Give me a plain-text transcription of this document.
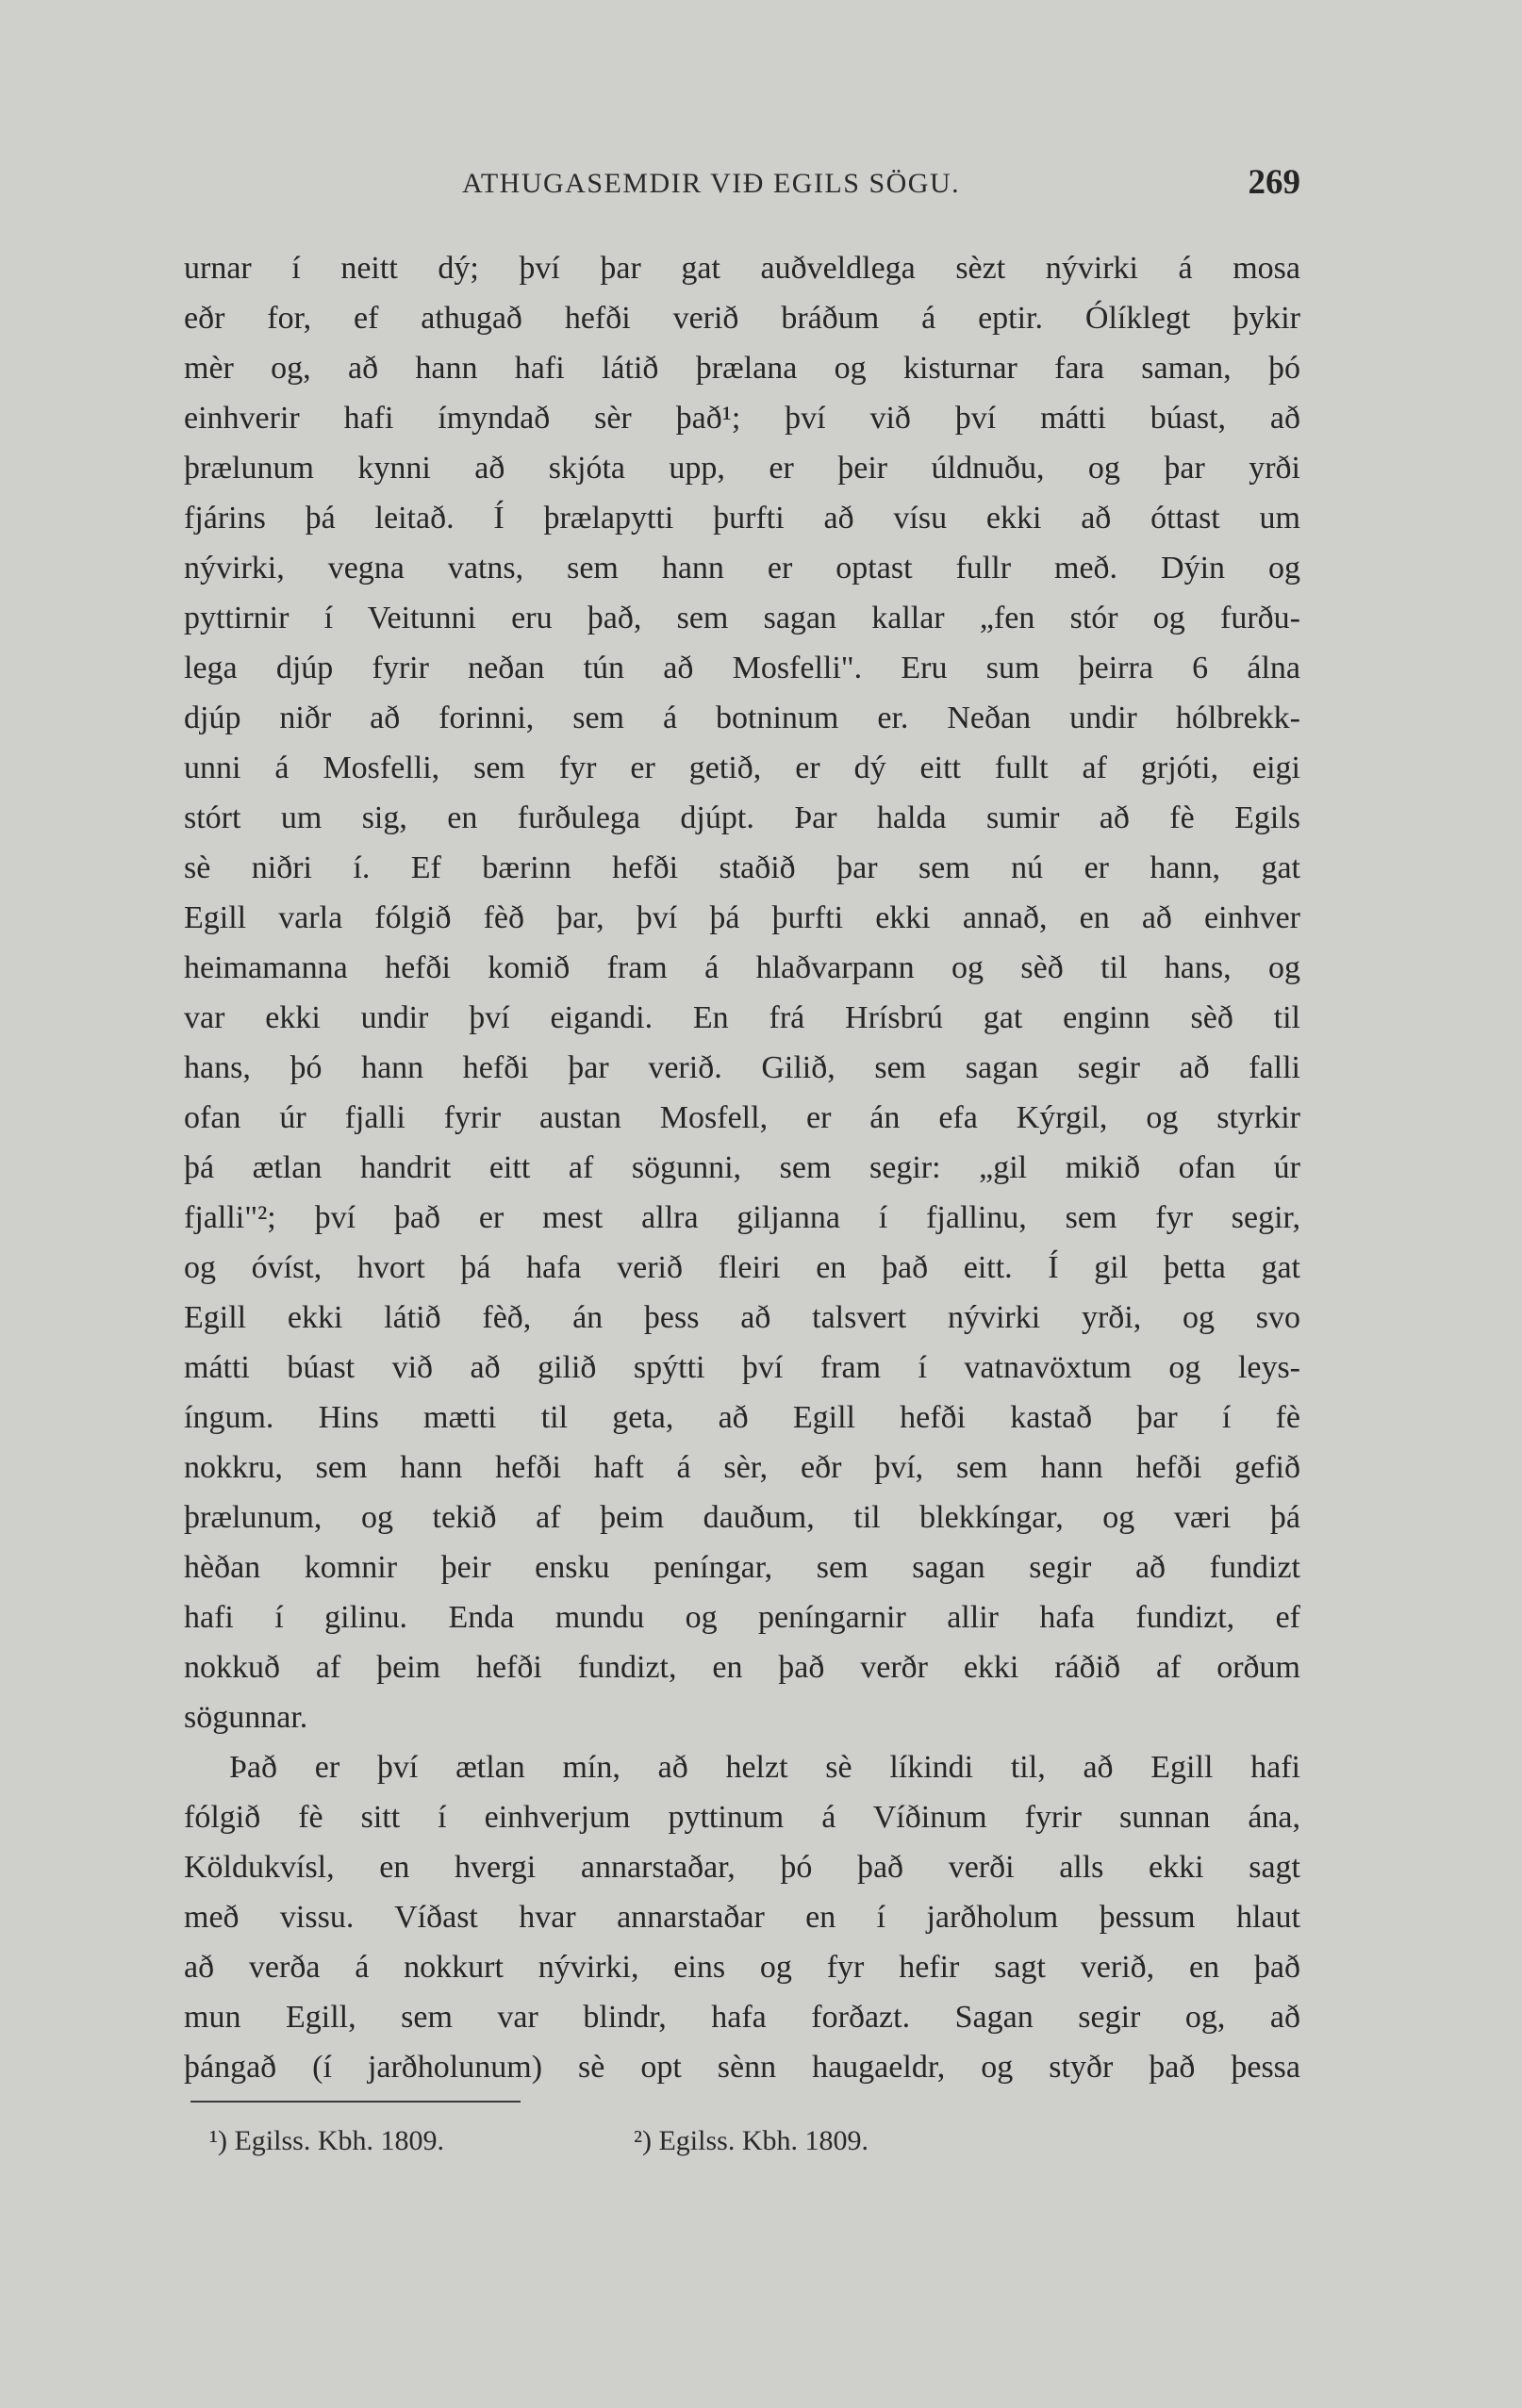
ATHUGASEMDIR VIÐ EGILS SÖGU.	269
urnar í neitt dý; því þar gat auðveldlega sèzt nývirki á mosa
eðr for, ef athugað hefði verið bráðum á eptir. Ólíklegt þykir
mèr og, að hann hafi látið þrælana og kisturnar fara saman, þó
einhverir hafi ímyndað sèr það¹; því við því mátti búast, að
þrælunum kynni að skjóta upp, er þeir úldnuðu, og þar yrði
fjárins þá leitað. Í þrælapytti þurfti að vísu ekki að óttast um
nývirki, vegna vatns, sem hann er optast fullr með. Dýin og
pyttirnir í Veitunni eru það, sem sagan kallar „fen stór og furðu-
lega djúp fyrir neðan tún að Mosfelli". Eru sum þeirra 6 álna
djúp niðr að forinni, sem á botninum er. Neðan undir hólbrekk-
unni á Mosfelli, sem fyr er getið, er dý eitt fullt af grjóti, eigi
stórt um sig, en furðulega djúpt. Þar halda sumir að fè Egils
sè niðri í. Ef bærinn hefði staðið þar sem nú er hann, gat
Egill varla fólgið fèð þar, því þá þurfti ekki annað, en að einhver
heimamanna hefði komið fram á hlaðvarpann og sèð til hans, og
var ekki undir því eigandi. En frá Hrísbrú gat enginn sèð til
hans, þó hann hefði þar verið. Gilið, sem sagan segir að falli
ofan úr fjalli fyrir austan Mosfell, er án efa Kýrgil, og styrkir
þá ætlan handrit eitt af sögunni, sem segir: „gil mikið ofan úr
fjalli"²; því það er mest allra giljanna í fjallinu, sem fyr segir,
og óvíst, hvort þá hafa verið fleiri en það eitt. Í gil þetta gat
Egill ekki látið fèð, án þess að talsvert nývirki yrði, og svo
mátti búast við að gilið spýtti því fram í vatnavöxtum og leys-
íngum. Hins mætti til geta, að Egill hefði kastað þar í fè
nokkru, sem hann hefði haft á sèr, eðr því, sem hann hefði gefið
þrælunum, og tekið af þeim dauðum, til blekkíngar, og væri þá
hèðan komnir þeir ensku peníngar, sem sagan segir að fundizt
hafi í gilinu. Enda mundu og peníngarnir allir hafa fundizt, ef
nokkuð af þeim hefði fundizt, en það verðr ekki ráðið af orðum
sögunnar.
Það er því ætlan mín, að helzt sè líkindi til, að Egill hafi
fólgið fè sitt í einhverjum pyttinum á Víðinum fyrir sunnan ána,
Köldukvísl, en hvergi annarstaðar, þó það verði alls ekki sagt
með vissu. Víðast hvar annarstaðar en í jarðholum þessum hlaut
að verða á nokkurt nývirki, eins og fyr hefir sagt verið, en það
mun Egill, sem var blindr, hafa forðazt. Sagan segir og, að
þángað (í jarðholunum) sè opt sènn haugaeldr, og styðr það þessa
¹) Egilss. Kbh. 1809.	²) Egilss. Kbh. 1809.
